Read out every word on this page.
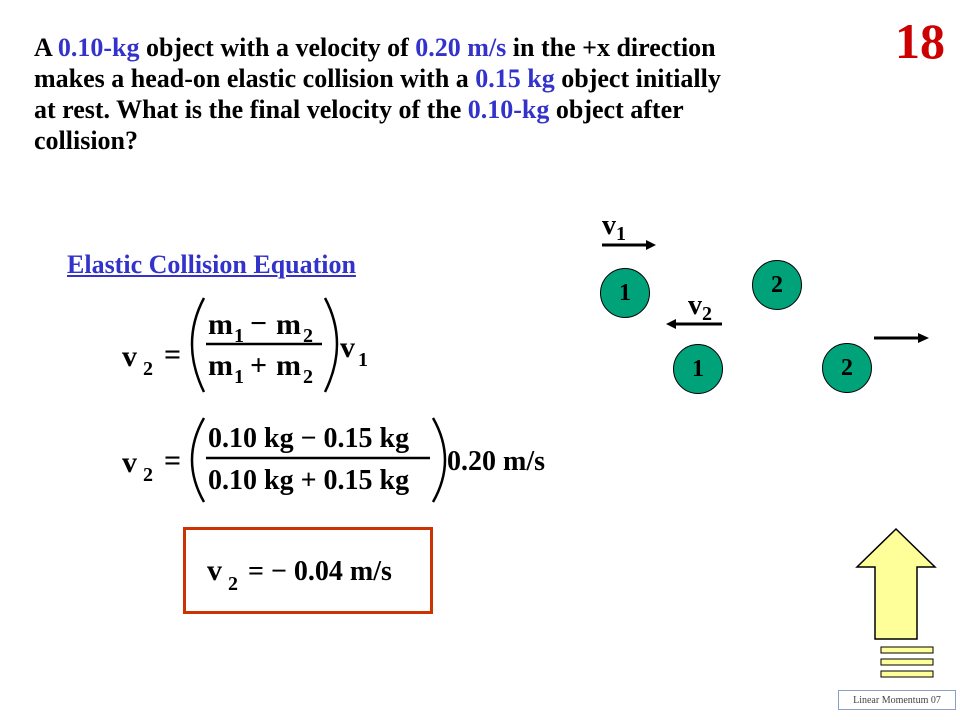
A 0.10-kg object with a velocity of 0.20 m/s in the +x direction makes a head-on elastic collision with a 0.15 kg object initially at rest. What is the final velocity of the 0.10-kg object after collision?
18
Elastic Collision Equation
v 2 =
m 1 − m 2
m 1 + m 2
v 1
v 2 =
0.10 kg − 0.15 kg
0.10 kg + 0.15 kg
0.20 m/s
v 2 = − 0.04 m/s
$v_1$
$v_2$
1	2
1	2
Linear Momentum 07
